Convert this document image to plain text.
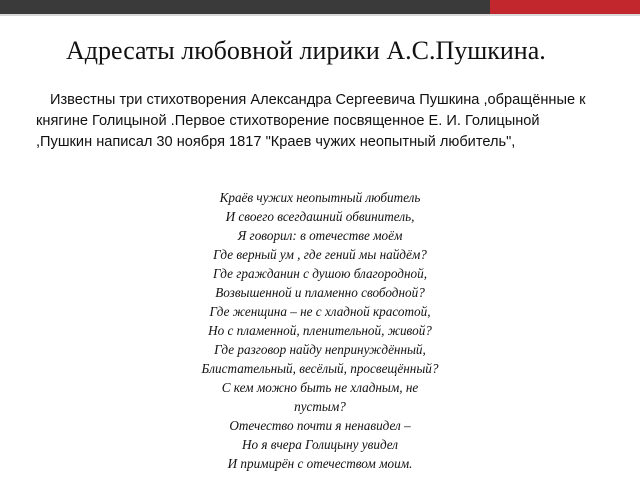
Адресаты любовной лирики А.С.Пушкина.

Известны три стихотворения Александра Сергеевича Пушкина ,обращённые к

княгине Голицыной .Первое стихотворение посвященное Е. И. Голицыной

,Пушкин написал 30 ноября 1817 "Краев чужих неопытный любитель",

Краёв чужих неопытный любитель
И своего всегдашний обвинитель,
Я говорил: в отечестве моём
Где верный ум , где гений мы найдём?
Где гражданин с душою благородной,
Возвышенной и пламенно свободной?
Где женщина – не с хладной красотой,
Но с пламенной, пленительной, живой?
Где разговор найду непринуждённый,
Блистательный, весёлый, просвещённый?
С кем можно быть не хладным, не
пустым?
Отечество почти я ненавидел –
Но я вчера Голицыну увидел
И примирён с отечеством моим.
